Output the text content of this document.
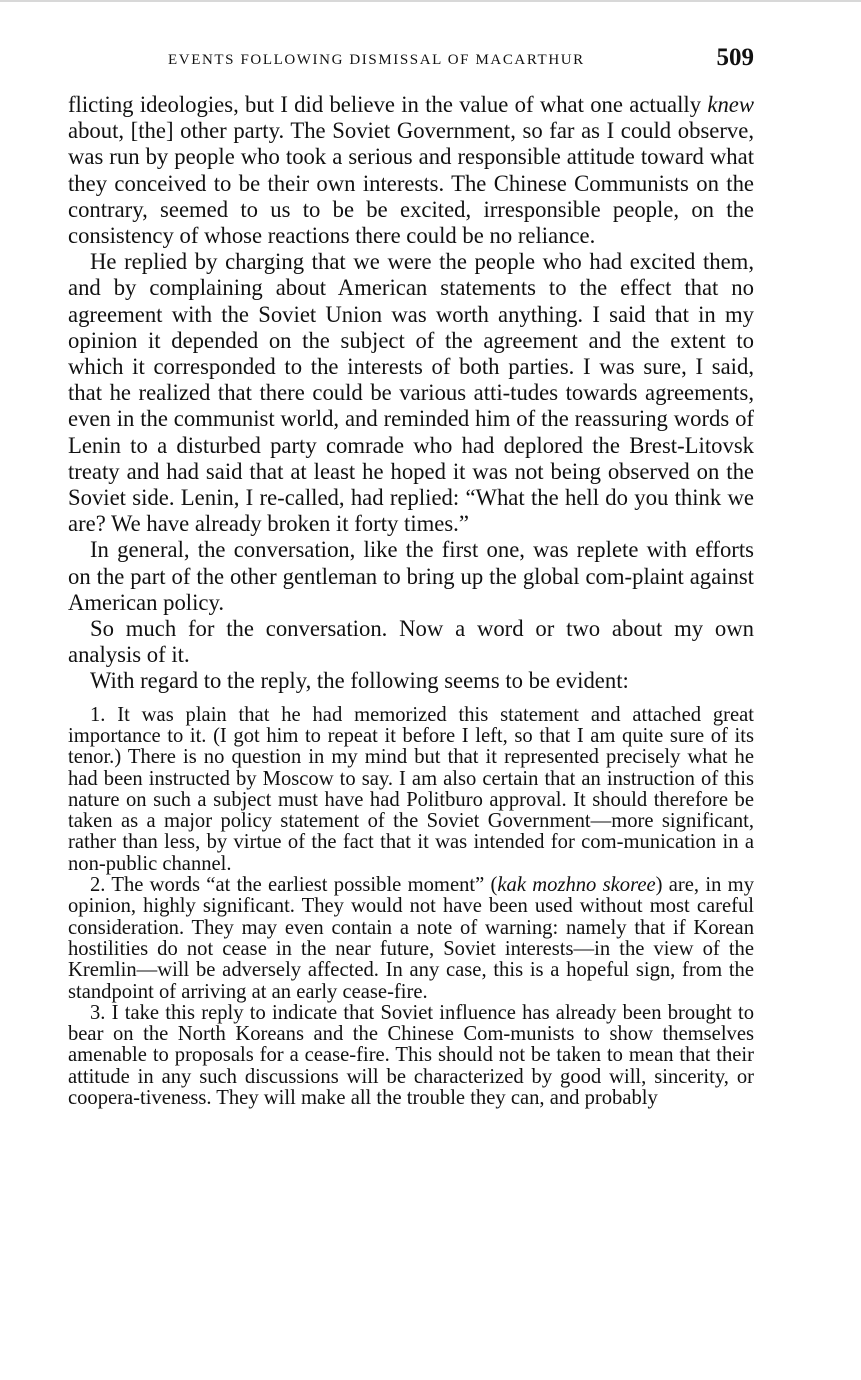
EVENTS FOLLOWING DISMISSAL OF MACARTHUR	509

flicting ideologies, but I did believe in the value of what one actually knew about, [the] other party. The Soviet Government, so far as I could observe, was run by people who took a serious and responsible attitude toward what they conceived to be their own interests. The Chinese Communists on the contrary, seemed to us to be be excited, irresponsible people, on the consistency of whose reactions there could be no reliance.

He replied by charging that we were the people who had excited them, and by complaining about American statements to the effect that no agreement with the Soviet Union was worth anything. I said that in my opinion it depended on the subject of the agreement and the extent to which it corresponded to the interests of both parties. I was sure, I said, that he realized that there could be various atti-tudes towards agreements, even in the communist world, and reminded him of the reassuring words of Lenin to a disturbed party comrade who had deplored the Brest-Litovsk treaty and had said that at least he hoped it was not being observed on the Soviet side. Lenin, I re-called, had replied: “What the hell do you think we are? We have already broken it forty times.”

In general, the conversation, like the first one, was replete with efforts on the part of the other gentleman to bring up the global com-plaint against American policy.

So much for the conversation. Now a word or two about my own analysis of it.

With regard to the reply, the following seems to be evident:

1. It was plain that he had memorized this statement and attached great importance to it. (I got him to repeat it before I left, so that I am quite sure of its tenor.) There is no question in my mind but that it represented precisely what he had been instructed by Moscow to say. I am also certain that an instruction of this nature on such a subject must have had Politburo approval. It should therefore be taken as a major policy statement of the Soviet Government—more significant, rather than less, by virtue of the fact that it was intended for com-munication in a non-public channel.

2. The words “at the earliest possible moment” (kak mozhno skoree) are, in my opinion, highly significant. They would not have been used without most careful consideration. They may even contain a note of warning: namely that if Korean hostilities do not cease in the near future, Soviet interests—in the view of the Kremlin—will be adversely affected. In any case, this is a hopeful sign, from the standpoint of arriving at an early cease-fire.

3. I take this reply to indicate that Soviet influence has already been brought to bear on the North Koreans and the Chinese Com-munists to show themselves amenable to proposals for a cease-fire. This should not be taken to mean that their attitude in any such discussions will be characterized by good will, sincerity, or coopera-tiveness. They will make all the trouble they can, and probably
